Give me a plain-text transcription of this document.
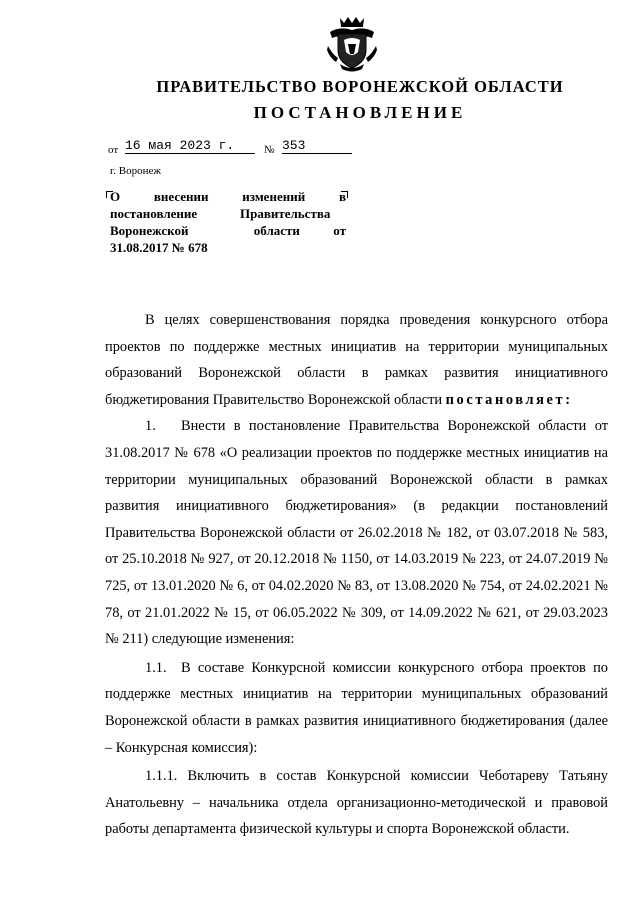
ПРАВИТЕЛЬСТВО ВОРОНЕЖСКОЙ ОБЛАСТИ
ПОСТАНОВЛЕНИЕ
от 16 мая 2023 г.	№ 353
г. Воронеж
О	внесении	изменений	в
постановление	Правительства
Воронежской	области	от
31.08.2017 № 678

В целях совершенствования порядка проведения конкурсного отбора проектов по поддержке местных инициатив на территории муниципальных образований Воронежской области в рамках развития инициативного бюджетирования Правительство Воронежской области постановляет:

1. Внести в постановление Правительства Воронежской области от 31.08.2017 № 678 «О реализации проектов по поддержке местных инициатив на территории муниципальных образований Воронежской области в рамках развития инициативного бюджетирования» (в редакции постановлений Правительства Воронежской области от 26.02.2018 № 182, от 03.07.2018 № 583, от 25.10.2018 № 927, от 20.12.2018 № 1150, от 14.03.2019 № 223, от 24.07.2019 № 725, от 13.01.2020 № 6, от 04.02.2020 № 83, от 13.08.2020 № 754, от 24.02.2021 № 78, от 21.01.2022 № 15, от 06.05.2022 № 309, от 14.09.2022 № 621, от 29.03.2023 № 211) следующие изменения:

1.1. В составе Конкурсной комиссии конкурсного отбора проектов по поддержке местных инициатив на территории муниципальных образований Воронежской области в рамках развития инициативного бюджетирования (далее – Конкурсная комиссия):

1.1.1. Включить в состав Конкурсной комиссии Чеботареву Татьяну Анатольевну – начальника отдела организационно-методической и правовой работы департамента физической культуры и спорта Воронежской области.
